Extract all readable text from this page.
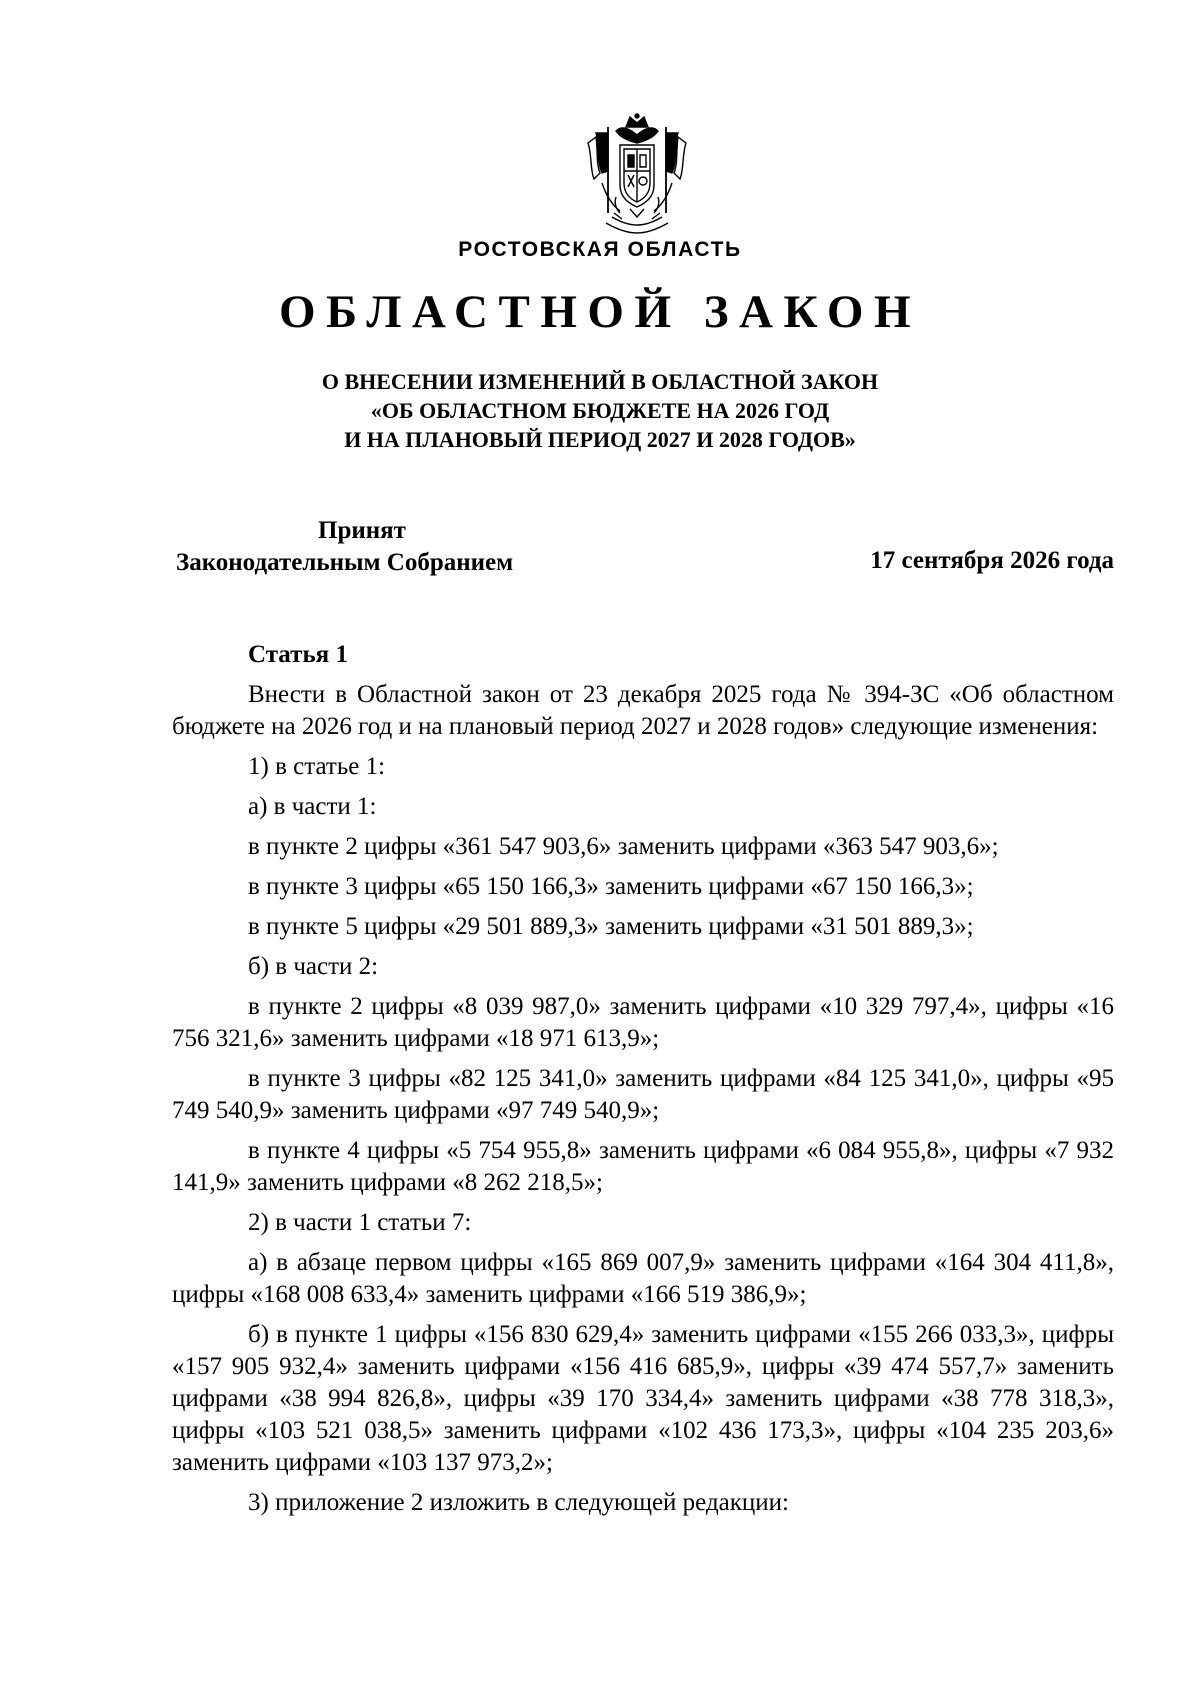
РОСТОВСКАЯ ОБЛАСТЬ
ОБЛАСТНОЙ ЗАКОН
О ВНЕСЕНИИ ИЗМЕНЕНИЙ В ОБЛАСТНОЙ ЗАКОН
«ОБ ОБЛАСТНОМ БЮДЖЕТЕ НА 2026 ГОД
И НА ПЛАНОВЫЙ ПЕРИОД 2027 И 2028 ГОДОВ»
Принят
Законодательным Собранием	17 сентября 2026 года
Статья 1

Внести в Областной закон от 23 декабря 2025 года № 394-ЗС «Об областном бюджете на 2026 год и на плановый период 2027 и 2028 годов» следующие изменения:

1) в статье 1:

а) в части 1:

в пункте 2 цифры «361 547 903,6» заменить цифрами «363 547 903,6»;

в пункте 3 цифры «65 150 166,3» заменить цифрами «67 150 166,3»;

в пункте 5 цифры «29 501 889,3» заменить цифрами «31 501 889,3»;

б) в части 2:

в пункте 2 цифры «8 039 987,0» заменить цифрами «10 329 797,4», цифры «16 756 321,6» заменить цифрами «18 971 613,9»;

в пункте 3 цифры «82 125 341,0» заменить цифрами «84 125 341,0», цифры «95 749 540,9» заменить цифрами «97 749 540,9»;

в пункте 4 цифры «5 754 955,8» заменить цифрами «6 084 955,8», цифры «7 932 141,9» заменить цифрами «8 262 218,5»;

2) в части 1 статьи 7:

а) в абзаце первом цифры «165 869 007,9» заменить цифрами «164 304 411,8», цифры «168 008 633,4» заменить цифрами «166 519 386,9»;

б) в пункте 1 цифры «156 830 629,4» заменить цифрами «155 266 033,3», цифры «157 905 932,4» заменить цифрами «156 416 685,9», цифры «39 474 557,7» заменить цифрами «38 994 826,8», цифры «39 170 334,4» заменить цифрами «38 778 318,3», цифры «103 521 038,5» заменить цифрами «102 436 173,3», цифры «104 235 203,6» заменить цифрами «103 137 973,2»;

3) приложение 2 изложить в следующей редакции:
